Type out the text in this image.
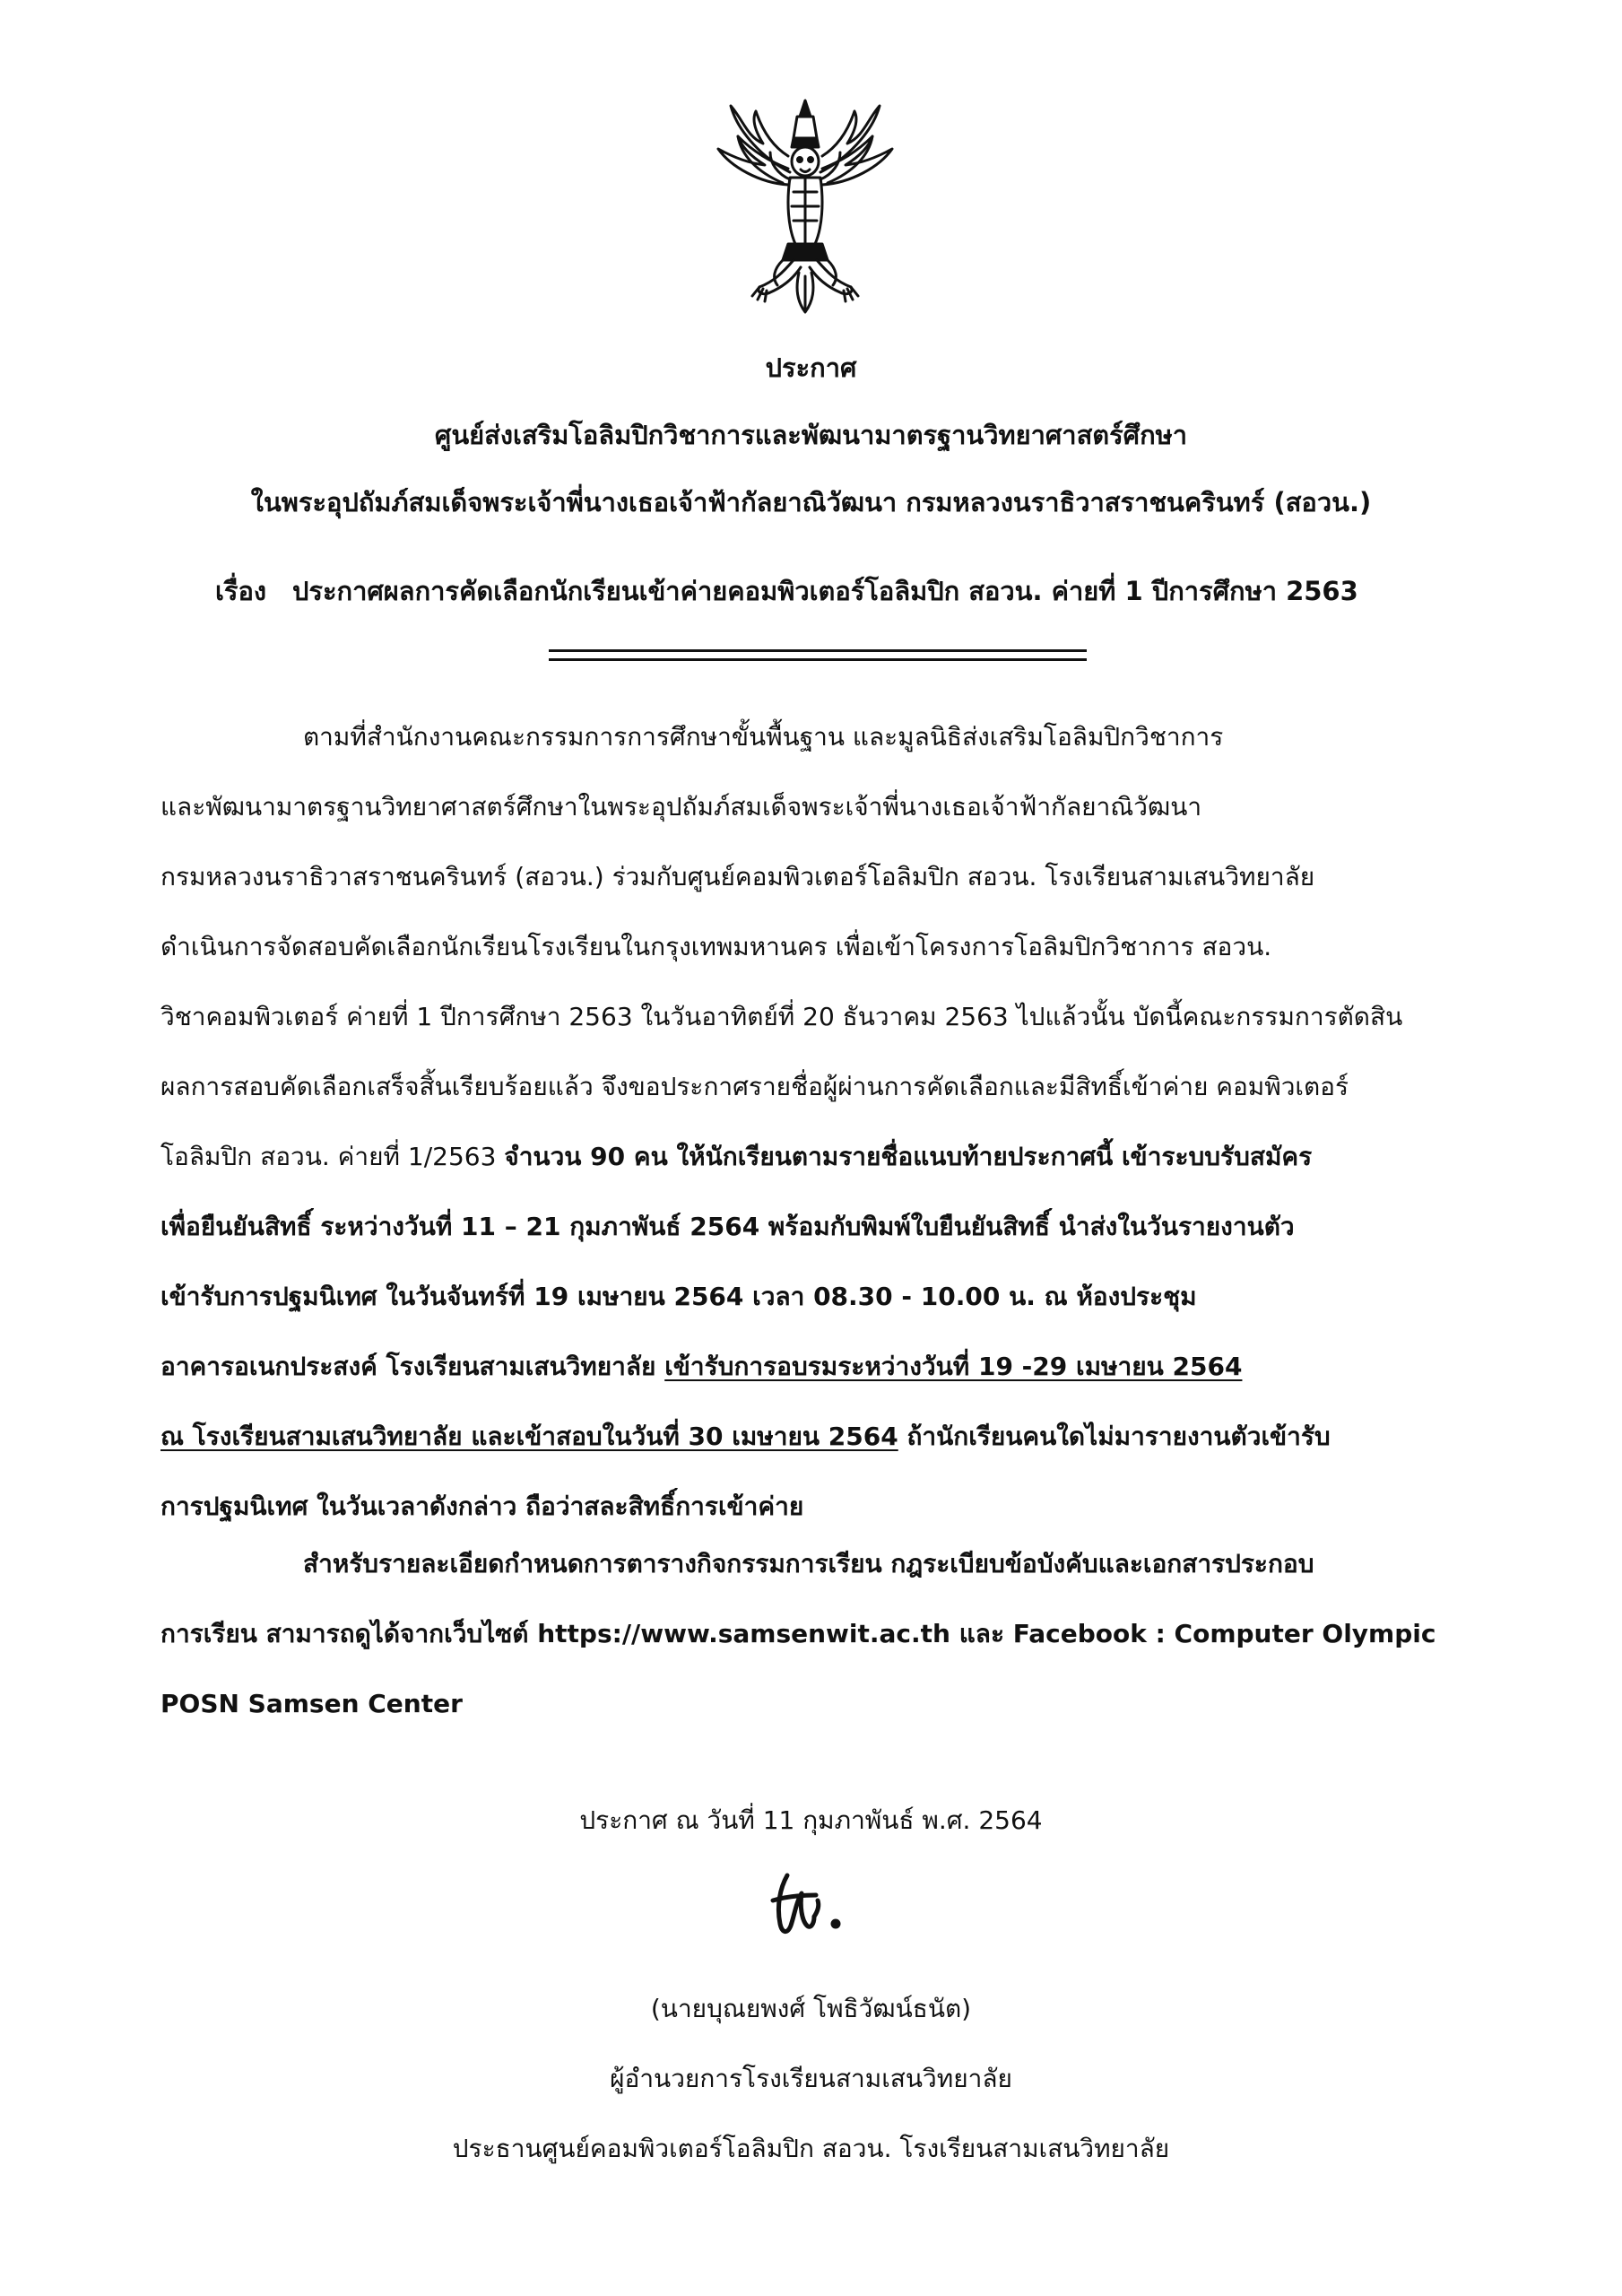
ประกาศ
ศูนย์ส่งเสริมโอลิมปิกวิชาการและพัฒนามาตรฐานวิทยาศาสตร์ศึกษา
ในพระอุปถัมภ์สมเด็จพระเจ้าพี่นางเธอเจ้าฟ้ากัลยาณิวัฒนา กรมหลวงนราธิวาสราชนครินทร์ (สอวน.)
เรื่อง ประกาศผลการคัดเลือกนักเรียนเข้าค่ายคอมพิวเตอร์โอลิมปิก สอวน. ค่ายที่ 1 ปีการศึกษา 2563
ตามที่สำนักงานคณะกรรมการการศึกษาขั้นพื้นฐาน และมูลนิธิส่งเสริมโอลิมปิกวิชาการ
และพัฒนามาตรฐานวิทยาศาสตร์ศึกษาในพระอุปถัมภ์สมเด็จพระเจ้าพี่นางเธอเจ้าฟ้ากัลยาณิวัฒนา
กรมหลวงนราธิวาสราชนครินทร์ (สอวน.) ร่วมกับศูนย์คอมพิวเตอร์โอลิมปิก สอวน. โรงเรียนสามเสนวิทยาลัย
ดำเนินการจัดสอบคัดเลือกนักเรียนโรงเรียนในกรุงเทพมหานคร เพื่อเข้าโครงการโอลิมปิกวิชาการ สอวน.
วิชาคอมพิวเตอร์ ค่ายที่ 1 ปีการศึกษา 2563 ในวันอาทิตย์ที่ 20 ธันวาคม 2563 ไปแล้วนั้น บัดนี้คณะกรรมการตัดสิน
ผลการสอบคัดเลือกเสร็จสิ้นเรียบร้อยแล้ว จึงขอประกาศรายชื่อผู้ผ่านการคัดเลือกและมีสิทธิ์เข้าค่าย คอมพิวเตอร์
โอลิมปิก สอวน. ค่ายที่ 1/2563 จำนวน 90 คน ให้นักเรียนตามรายชื่อแนบท้ายประกาศนี้ เข้าระบบรับสมัคร
เพื่อยืนยันสิทธิ์ ระหว่างวันที่ 11 – 21 กุมภาพันธ์ 2564 พร้อมกับพิมพ์ใบยืนยันสิทธิ์ นำส่งในวันรายงานตัว
เข้ารับการปฐมนิเทศ ในวันจันทร์ที่ 19 เมษายน 2564 เวลา 08.30 - 10.00 น. ณ ห้องประชุม
อาคารอเนกประสงค์ โรงเรียนสามเสนวิทยาลัย เข้ารับการอบรมระหว่างวันที่ 19 -29 เมษายน 2564
ณ โรงเรียนสามเสนวิทยาลัย และเข้าสอบในวันที่ 30 เมษายน 2564 ถ้านักเรียนคนใดไม่มารายงานตัวเข้ารับ
การปฐมนิเทศ ในวันเวลาดังกล่าว ถือว่าสละสิทธิ์การเข้าค่าย
สำหรับรายละเอียดกำหนดการตารางกิจกรรมการเรียน กฎระเบียบข้อบังคับและเอกสารประกอบ
การเรียน สามารถดูได้จากเว็บไซต์ https://www.samsenwit.ac.th และ Facebook : Computer Olympic
POSN Samsen Center
ประกาศ ณ วันที่ 11 กุมภาพันธ์ พ.ศ. 2564
(นายบุณยพงศ์ โพธิวัฒน์ธนัต)
ผู้อำนวยการโรงเรียนสามเสนวิทยาลัย
ประธานศูนย์คอมพิวเตอร์โอลิมปิก สอวน. โรงเรียนสามเสนวิทยาลัย
